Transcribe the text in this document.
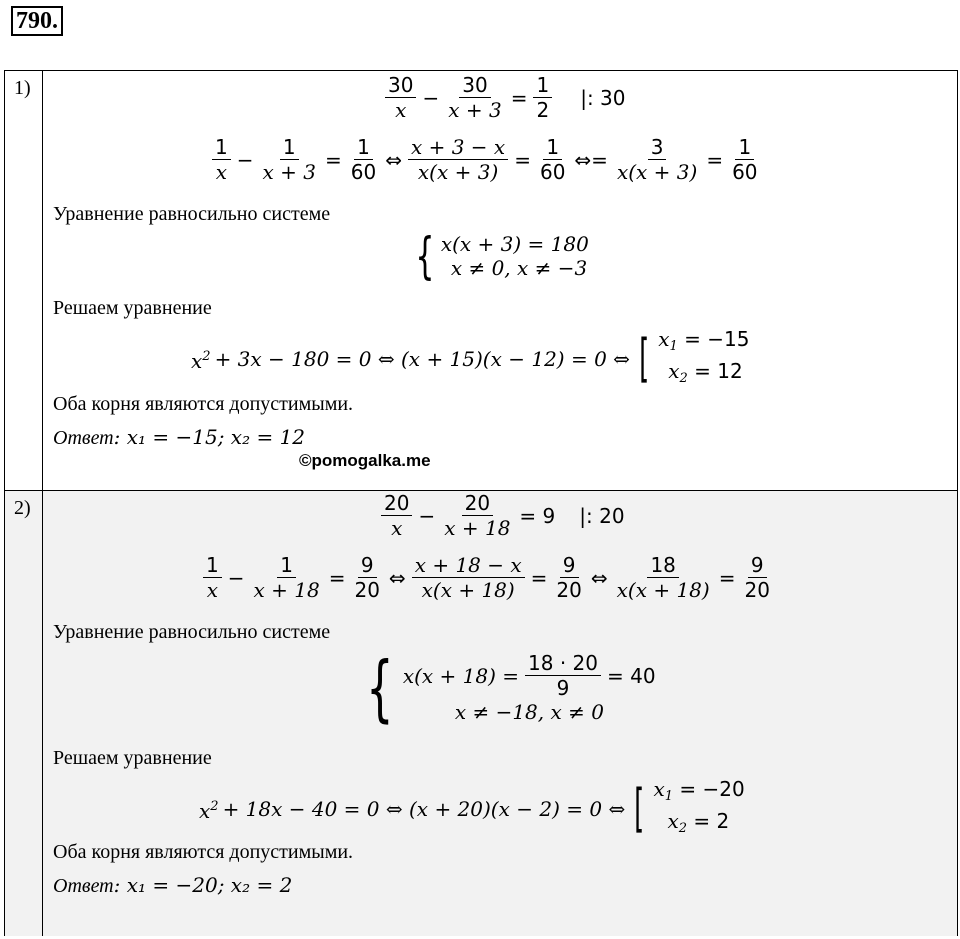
790.
1)	$\frac{30}{x} - \frac{30}{x + 3} = \frac{1}{2}$ |: 30
$\frac{1}{x} - \frac{1}{x + 3} = \frac{1}{60}$ ⇔ $\frac{x + 3 - x}{x(x + 3)} = \frac{1}{60}$ ⇔= $\frac{3}{x(x + 3)} = \frac{1}{60}$
Уравнение равносильно системе
{ x(x + 3) = 180
x ≠ 0, x ≠ −3
Решаем уравнение
$x^2 + 3x - 180 = 0$ ⇔ (x + 15)(x − 12) = 0 ⇔ [ $x_1 = -15$
$x_2 = 12$
Оба корня являются допустимыми.
Ответ: x₁ = −15; x₂ = 12
©pomogalka.me
2)	$\frac{20}{x} - \frac{20}{x + 18} = 9$ |: 20
$\frac{1}{x} - \frac{1}{x + 18} = \frac{9}{20}$ ⇔ $\frac{x + 18 - x}{x(x + 18)} = \frac{9}{20}$ ⇔ $\frac{18}{x(x + 18)} = \frac{9}{20}$
Уравнение равносильно системе
{ $x(x + 18) = \frac{18 \cdot 20}{9} = 40$
x ≠ −18, x ≠ 0
Решаем уравнение
$x^2 + 18x - 40 = 0$ ⇔ (x + 20)(x − 2) = 0 ⇔ [ $x_1 = -20$
$x_2 = 2$
Оба корня являются допустимыми.
Ответ: x₁ = −20; x₂ = 2
